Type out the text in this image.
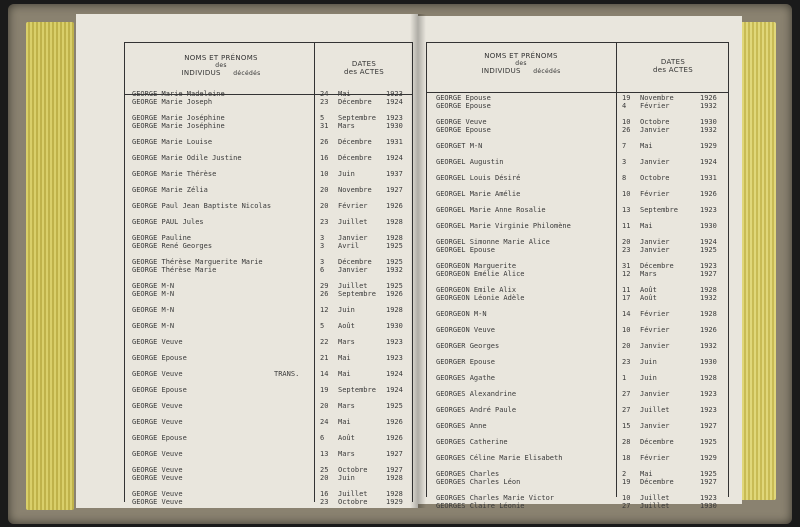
NOMS ET PRÉNOMS
des
INDIVIDUS décédés
DATES
des ACTES
GEORGE Marie Madeleine	24 Mai	1923
GEORGE Marie Joseph	23 Décembre 1924
GEORGE Marie Joséphine	5 Septembre 1923
GEORGE Marie Joséphine	31 Mars	1930
GEORGE Marie Louise	26 Décembre 1931
GEORGE Marie Odile Justine	16 Décembre 1924
GEORGE Marie Thérèse	10 Juin	1937
GEORGE Marie Zélia	20 Novembre 1927
GEORGE Paul Jean Baptiste Nicolas	20 Février	1926
GEORGE PAUL Jules	23 Juillet	1928
GEORGE Pauline	3 Janvier	1928
GEORGE René Georges	3 Avril	1925
GEORGE Thérèse Marguerite Marie	3 Décembre 1925
GEORGE Thérèse Marie	6 Janvier	1932
GEORGE M-N	29 Juillet	1925
GEORGE M-N	26 Septembre 1926
GEORGE M-N	12 Juin	1928
GEORGE M-N	5 Août	1930
GEORGE Veuve	22 Mars	1923
GEORGE Epouse	21 Mai	1923
GEORGE Veuve	TRANS.	14 Mai	1924
GEORGE Epouse	19 Septembre 1924
GEORGE Veuve	20 Mars	1925
GEORGE Veuve	24 Mai	1926
GEORGE Epouse	6 Août	1926
GEORGE Veuve	13 Mars	1927
GEORGE Veuve	25 Octobre	1927
GEORGE Veuve	20 Juin	1928
GEORGE Veuve	16 Juillet	1928
GEORGE Veuve	23 Octobre	1929
NOMS ET PRÉNOMS
des
INDIVIDUS décédés
DATES
des ACTES
GEORGE Epouse	19 Novembre	1926
GEORGE Epouse	4 Février	1932
GEORGE Veuve	10 Octobre	1930
GEORGE Epouse	26 Janvier	1932
GEORGET M-N	7 Mai	1929
GEORGEL Augustin	3 Janvier	1924
GEORGEL Louis Désiré	8 Octobre	1931
GEORGEL Marie Amélie	10 Février	1926
GEORGEL Marie Anne Rosalie	13 Septembre	1923
GEORGEL Marie Virginie Philomène	11 Mai	1930
GEORGEL Simonne Marie Alice	20 Janvier	1924
GEORGEL Epouse	23 Janvier	1925
GEORGEON Marguerite	31 Décembre	1923
GEORGEON Emélie Alice	12 Mars	1927
GEORGEON Emile Alix	11 Août	1928
GEORGEON Léonie Adèle	17 Août	1932
GEORGEON M-N	14 Février	1928
GEORGEON Veuve	10 Février	1926
GEORGER Georges	20 Janvier	1932
GEORGER Epouse	23 Juin	1930
GEORGES Agathe	1 Juin	1928
GEORGES Alexandrine	27 Janvier	1923
GEORGES André Paule	27 Juillet	1923
GEORGES Anne	15 Janvier	1927
GEORGES Catherine	28 Décembre	1925
GEORGES Céline Marie Elisabeth	18 Février	1929
GEORGES Charles	2 Mai	1925
GEORGES Charles Léon	19 Décembre	1927
GEORGES Charles Marie Victor	10 Juillet	1923
GEORGES Claire Léonie	27 Juillet	1930
